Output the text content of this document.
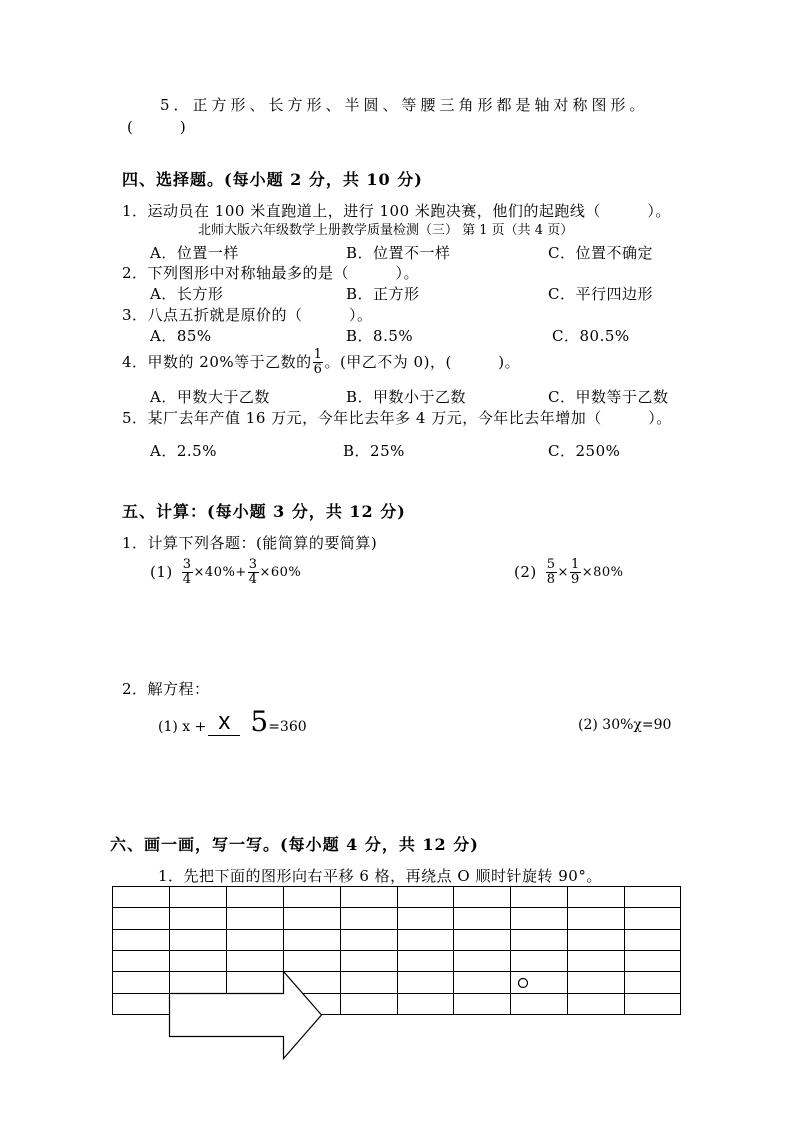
5．正方形、长方形、半圆、等腰三角形都是轴对称图形。
(　　　)
四、选择题。(每小题 2 分，共 10 分)
1．运动员在 100 米直跑道上，进行 100 米跑决赛，他们的起跑线（　　　）。
北师大版六年级数学上册教学质量检测（三） 第 1 页（共 4 页）
A．位置一样	B．位置不一样	C．位置不确定
2．下列图形中对称轴最多的是（　　　）。
A．长方形	B．正方形	C．平行四边形
3．八点五折就是原价的（　　　）。
A．85%	B．8.5%	C．80.5%
4．甲数的 20%等于乙数的 $\frac{1}{6}$ 。(甲乙不为 0)，(　　　)。
A．甲数大于乙数	B．甲数小于乙数	C．甲数等于乙数
5．某厂去年产值 16 万元，今年比去年多 4 万元，今年比去年增加（　　　）。
A．2.5%	B．25%	C．250%
五、计算：(每小题 3 分，共 12 分)
1．计算下列各题：(能简算的要简算)
$(1) \frac{3}{4} \times 40\%+ \frac{3}{4} \times 60\%$	$(2) \frac{5}{8} \times \frac{1}{9} \times 80\%$
2．解方程：
(1) x + x 5 =360	(2) 30%χ=90
六、画一画，写一写。(每小题 4 分，共 12 分)
1．先把下面的图形向右平移 6 格，再绕点 O 顺时针旋转 90°。
